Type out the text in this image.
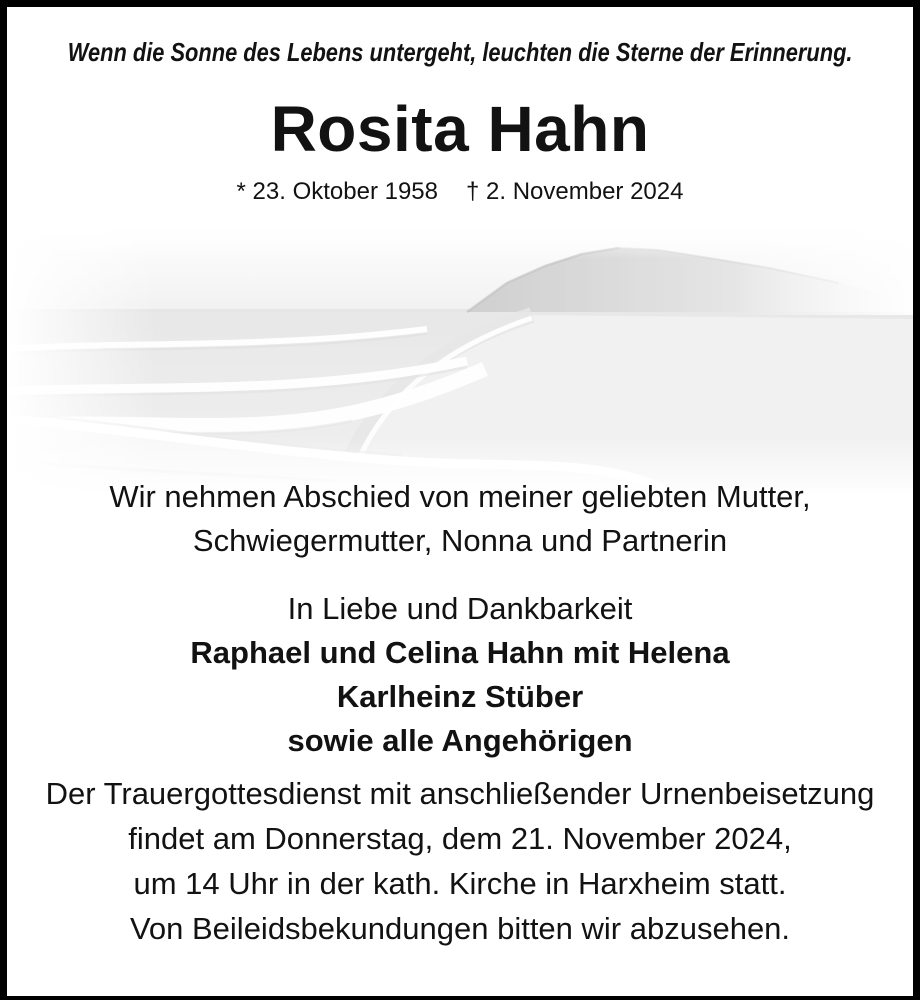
Wenn die Sonne des Lebens untergeht, leuchten die Sterne der Erinnerung.
Rosita Hahn
* 23. Oktober 1958 † 2. November 2024
Wir nehmen Abschied von meiner geliebten Mutter,
Schwiegermutter, Nonna und Partnerin
In Liebe und Dankbarkeit
Raphael und Celina Hahn mit Helena
Karlheinz Stüber
sowie alle Angehörigen
Der Trauergottesdienst mit anschließender Urnenbeisetzung
findet am Donnerstag, dem 21. November 2024,
um 14 Uhr in der kath. Kirche in Harxheim statt.
Von Beileidsbekundungen bitten wir abzusehen.
